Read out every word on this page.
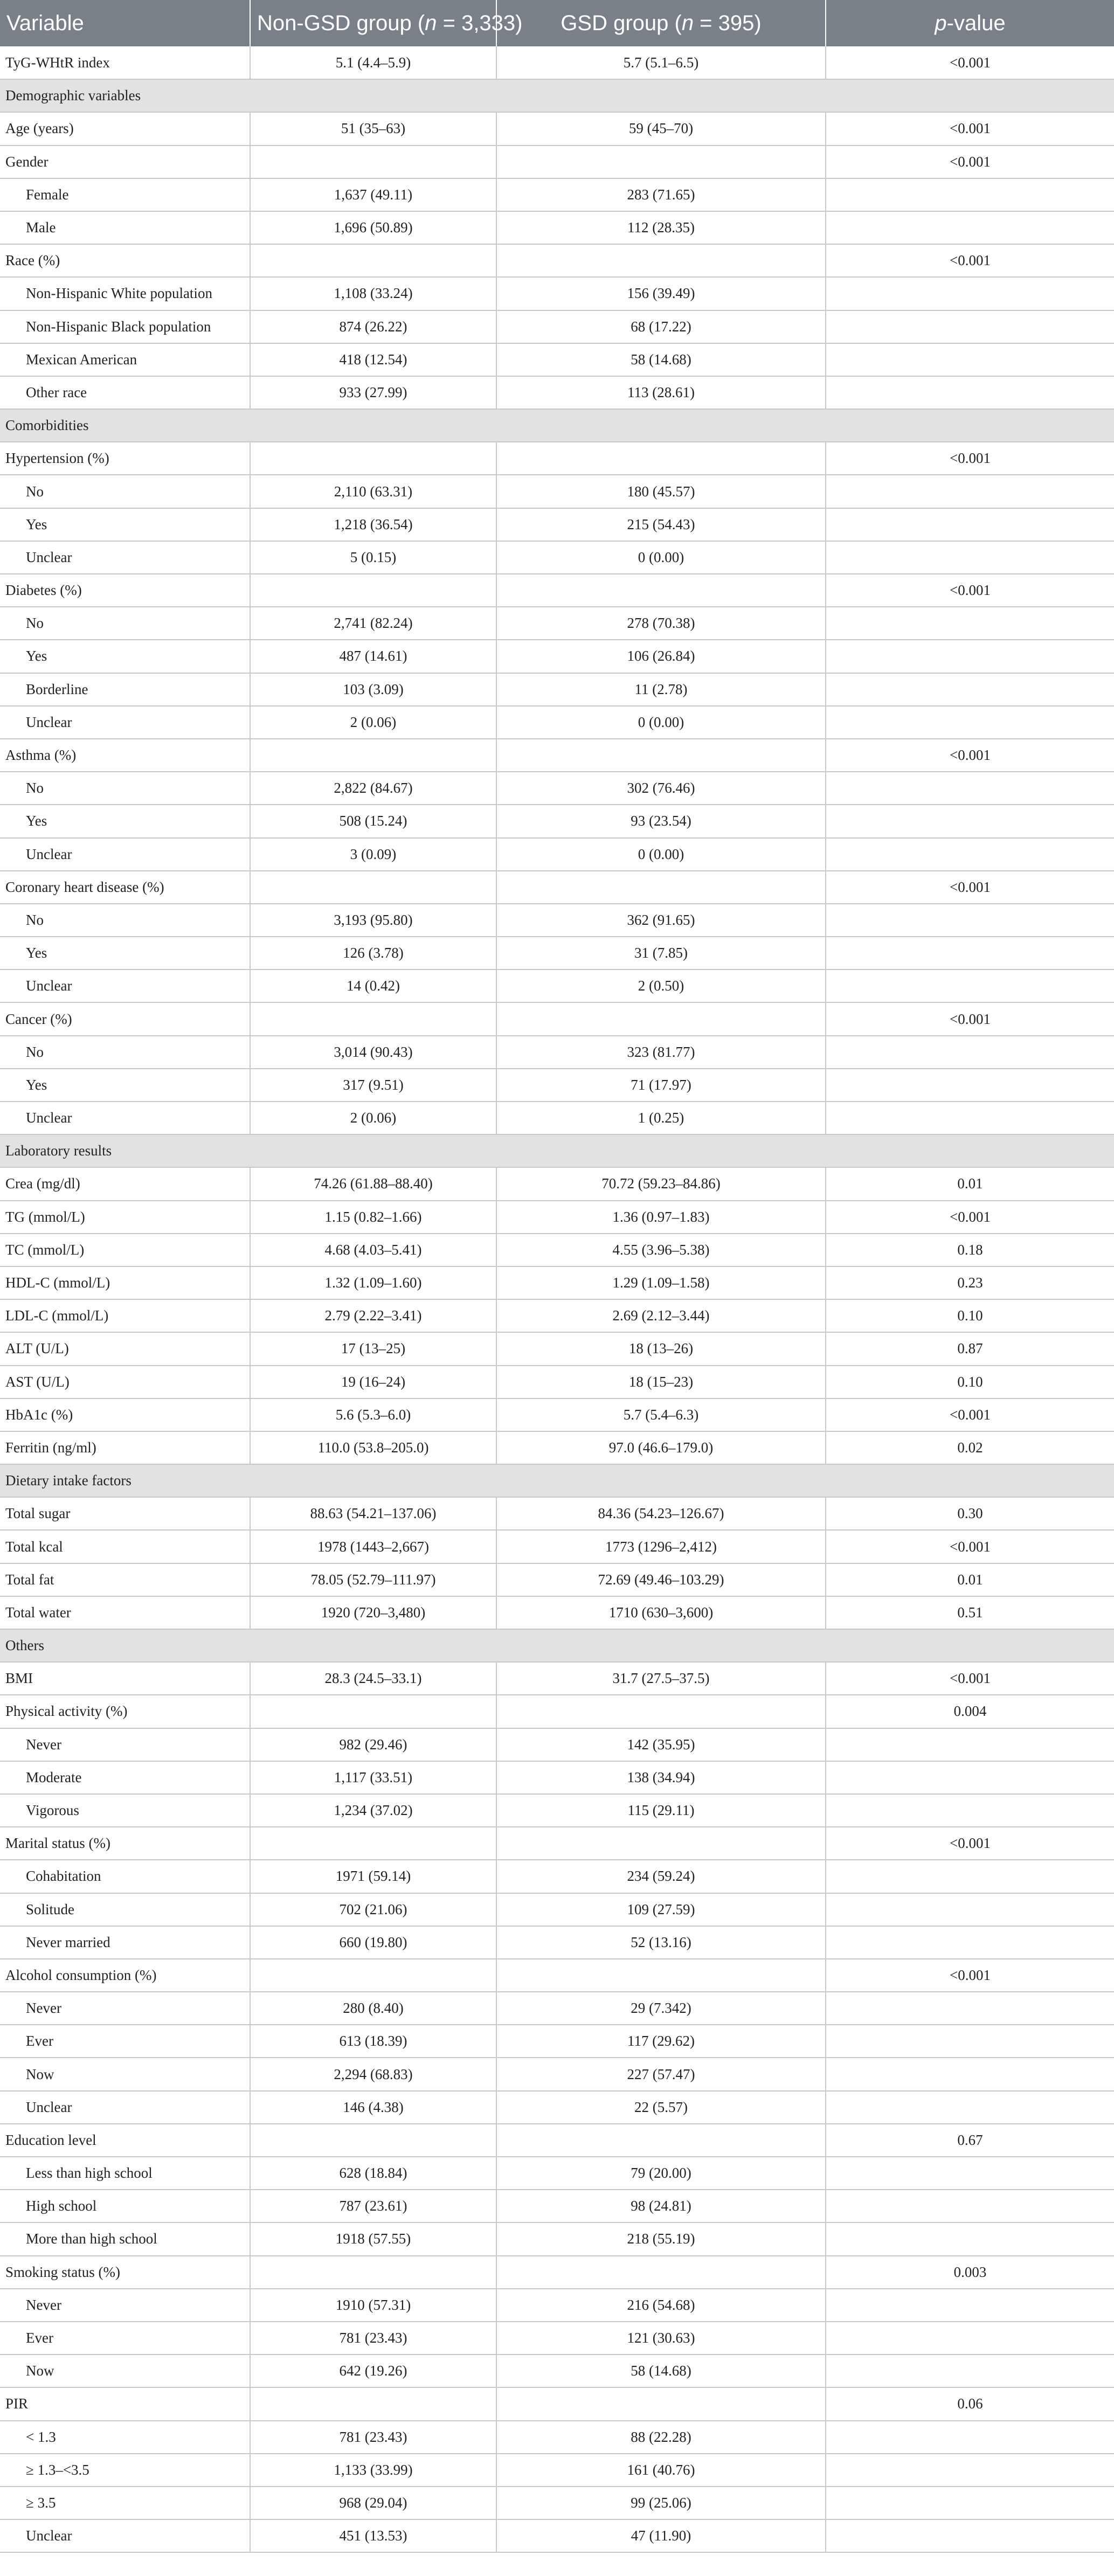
Variable	Non-GSD group (n = 3,333)	GSD group (n = 395)	p-value
TyG-WHtR index	5.1 (4.4–5.9)	5.7 (5.1–6.5)	<0.001
Demographic variables			
Age (years)	51 (35–63)	59 (45–70)	<0.001
Gender			<0.001
Female	1,637 (49.11)	283 (71.65)	
Male	1,696 (50.89)	112 (28.35)	
Race (%)			<0.001
Non-Hispanic White population	1,108 (33.24)	156 (39.49)	
Non-Hispanic Black population	874 (26.22)	68 (17.22)	
Mexican American	418 (12.54)	58 (14.68)	
Other race	933 (27.99)	113 (28.61)	
Comorbidities			
Hypertension (%)			<0.001
No	2,110 (63.31)	180 (45.57)	
Yes	1,218 (36.54)	215 (54.43)	
Unclear	5 (0.15)	0 (0.00)	
Diabetes (%)			<0.001
No	2,741 (82.24)	278 (70.38)	
Yes	487 (14.61)	106 (26.84)	
Borderline	103 (3.09)	11 (2.78)	
Unclear	2 (0.06)	0 (0.00)	
Asthma (%)			<0.001
No	2,822 (84.67)	302 (76.46)	
Yes	508 (15.24)	93 (23.54)	
Unclear	3 (0.09)	0 (0.00)	
Coronary heart disease (%)			<0.001
No	3,193 (95.80)	362 (91.65)	
Yes	126 (3.78)	31 (7.85)	
Unclear	14 (0.42)	2 (0.50)	
Cancer (%)			<0.001
No	3,014 (90.43)	323 (81.77)	
Yes	317 (9.51)	71 (17.97)	
Unclear	2 (0.06)	1 (0.25)	
Laboratory results			
Crea (mg/dl)	74.26 (61.88–88.40)	70.72 (59.23–84.86)	0.01
TG (mmol/L)	1.15 (0.82–1.66)	1.36 (0.97–1.83)	<0.001
TC (mmol/L)	4.68 (4.03–5.41)	4.55 (3.96–5.38)	0.18
HDL-C (mmol/L)	1.32 (1.09–1.60)	1.29 (1.09–1.58)	0.23
LDL-C (mmol/L)	2.79 (2.22–3.41)	2.69 (2.12–3.44)	0.10
ALT (U/L)	17 (13–25)	18 (13–26)	0.87
AST (U/L)	19 (16–24)	18 (15–23)	0.10
HbA1c (%)	5.6 (5.3–6.0)	5.7 (5.4–6.3)	<0.001
Ferritin (ng/ml)	110.0 (53.8–205.0)	97.0 (46.6–179.0)	0.02
Dietary intake factors			
Total sugar	88.63 (54.21–137.06)	84.36 (54.23–126.67)	0.30
Total kcal	1978 (1443–2,667)	1773 (1296–2,412)	<0.001
Total fat	78.05 (52.79–111.97)	72.69 (49.46–103.29)	0.01
Total water	1920 (720–3,480)	1710 (630–3,600)	0.51
Others			
BMI	28.3 (24.5–33.1)	31.7 (27.5–37.5)	<0.001
Physical activity (%)			0.004
Never	982 (29.46)	142 (35.95)	
Moderate	1,117 (33.51)	138 (34.94)	
Vigorous	1,234 (37.02)	115 (29.11)	
Marital status (%)			<0.001
Cohabitation	1971 (59.14)	234 (59.24)	
Solitude	702 (21.06)	109 (27.59)	
Never married	660 (19.80)	52 (13.16)	
Alcohol consumption (%)			<0.001
Never	280 (8.40)	29 (7.342)	
Ever	613 (18.39)	117 (29.62)	
Now	2,294 (68.83)	227 (57.47)	
Unclear	146 (4.38)	22 (5.57)	
Education level			0.67
Less than high school	628 (18.84)	79 (20.00)	
High school	787 (23.61)	98 (24.81)	
More than high school	1918 (57.55)	218 (55.19)	
Smoking status (%)			0.003
Never	1910 (57.31)	216 (54.68)	
Ever	781 (23.43)	121 (30.63)	
Now	642 (19.26)	58 (14.68)	
PIR			0.06
< 1.3	781 (23.43)	88 (22.28)	
≥ 1.3–<3.5	1,133 (33.99)	161 (40.76)	
≥ 3.5	968 (29.04)	99 (25.06)	
Unclear	451 (13.53)	47 (11.90)	
